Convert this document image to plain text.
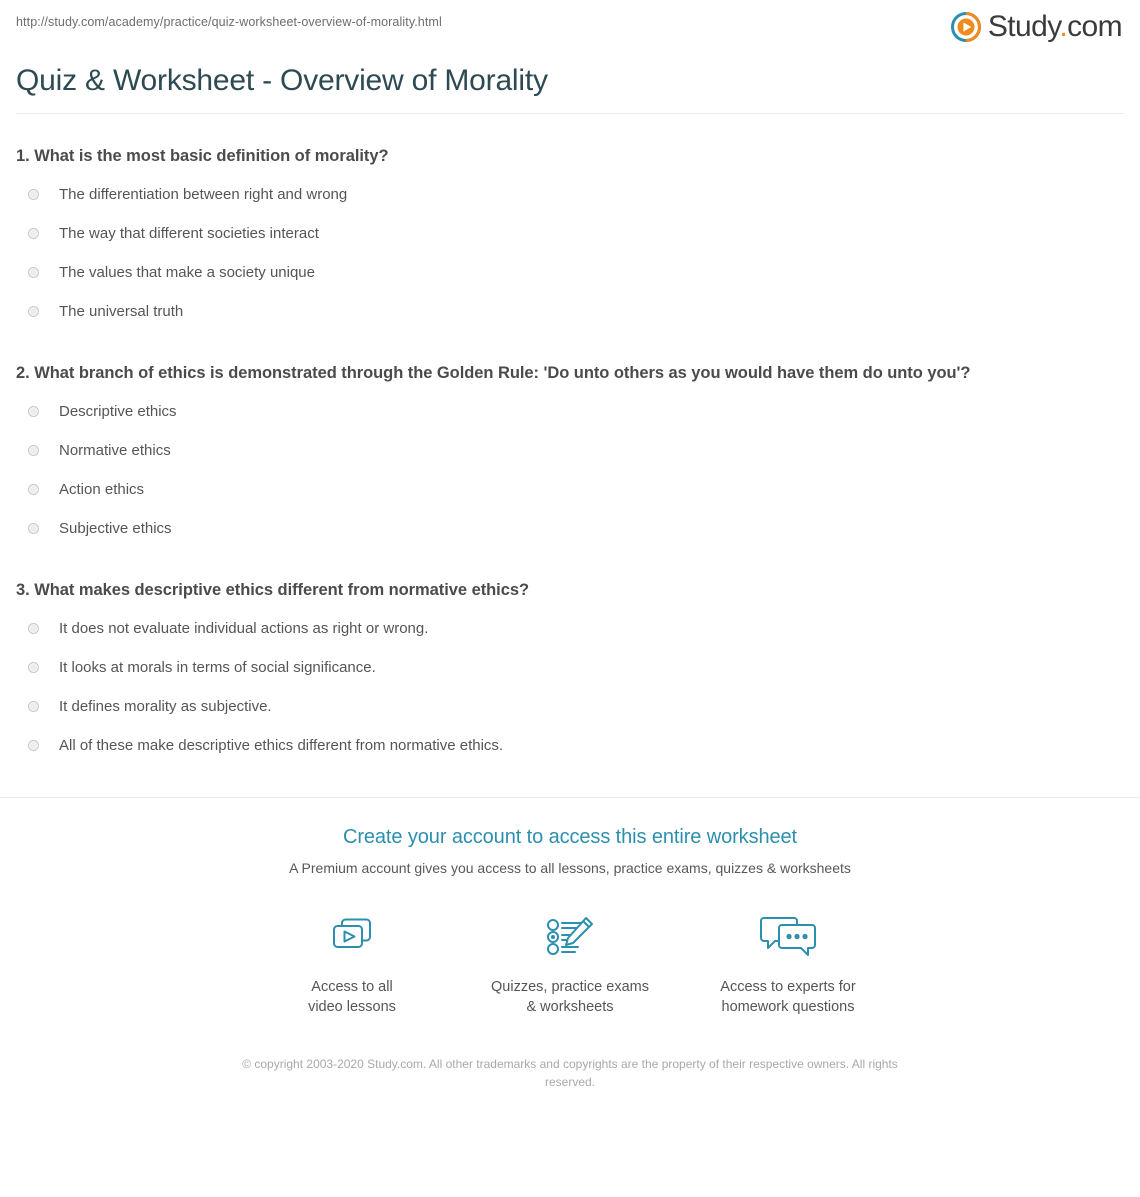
http://study.com/academy/practice/quiz-worksheet-overview-of-morality.html	Study.com
Quiz & Worksheet - Overview of Morality

1. What is the most basic definition of morality?

The differentiation between right and wrong
The way that different societies interact
The values that make a society unique
The universal truth

2. What branch of ethics is demonstrated through the Golden Rule: 'Do unto others as you would have them do unto you'?

Descriptive ethics
Normative ethics
Action ethics
Subjective ethics

3. What makes descriptive ethics different from normative ethics?

It does not evaluate individual actions as right or wrong.
It looks at morals in terms of social significance.
It defines morality as subjective.
All of these make descriptive ethics different from normative ethics.
Create your account to access this entire worksheet
A Premium account gives you access to all lessons, practice exams, quizzes & worksheets
Access to all
video lessons
Quizzes, practice exams
& worksheets
Access to experts for
homework questions
© copyright 2003-2020 Study.com. All other trademarks and copyrights are the property of their respective owners. All rights reserved.
